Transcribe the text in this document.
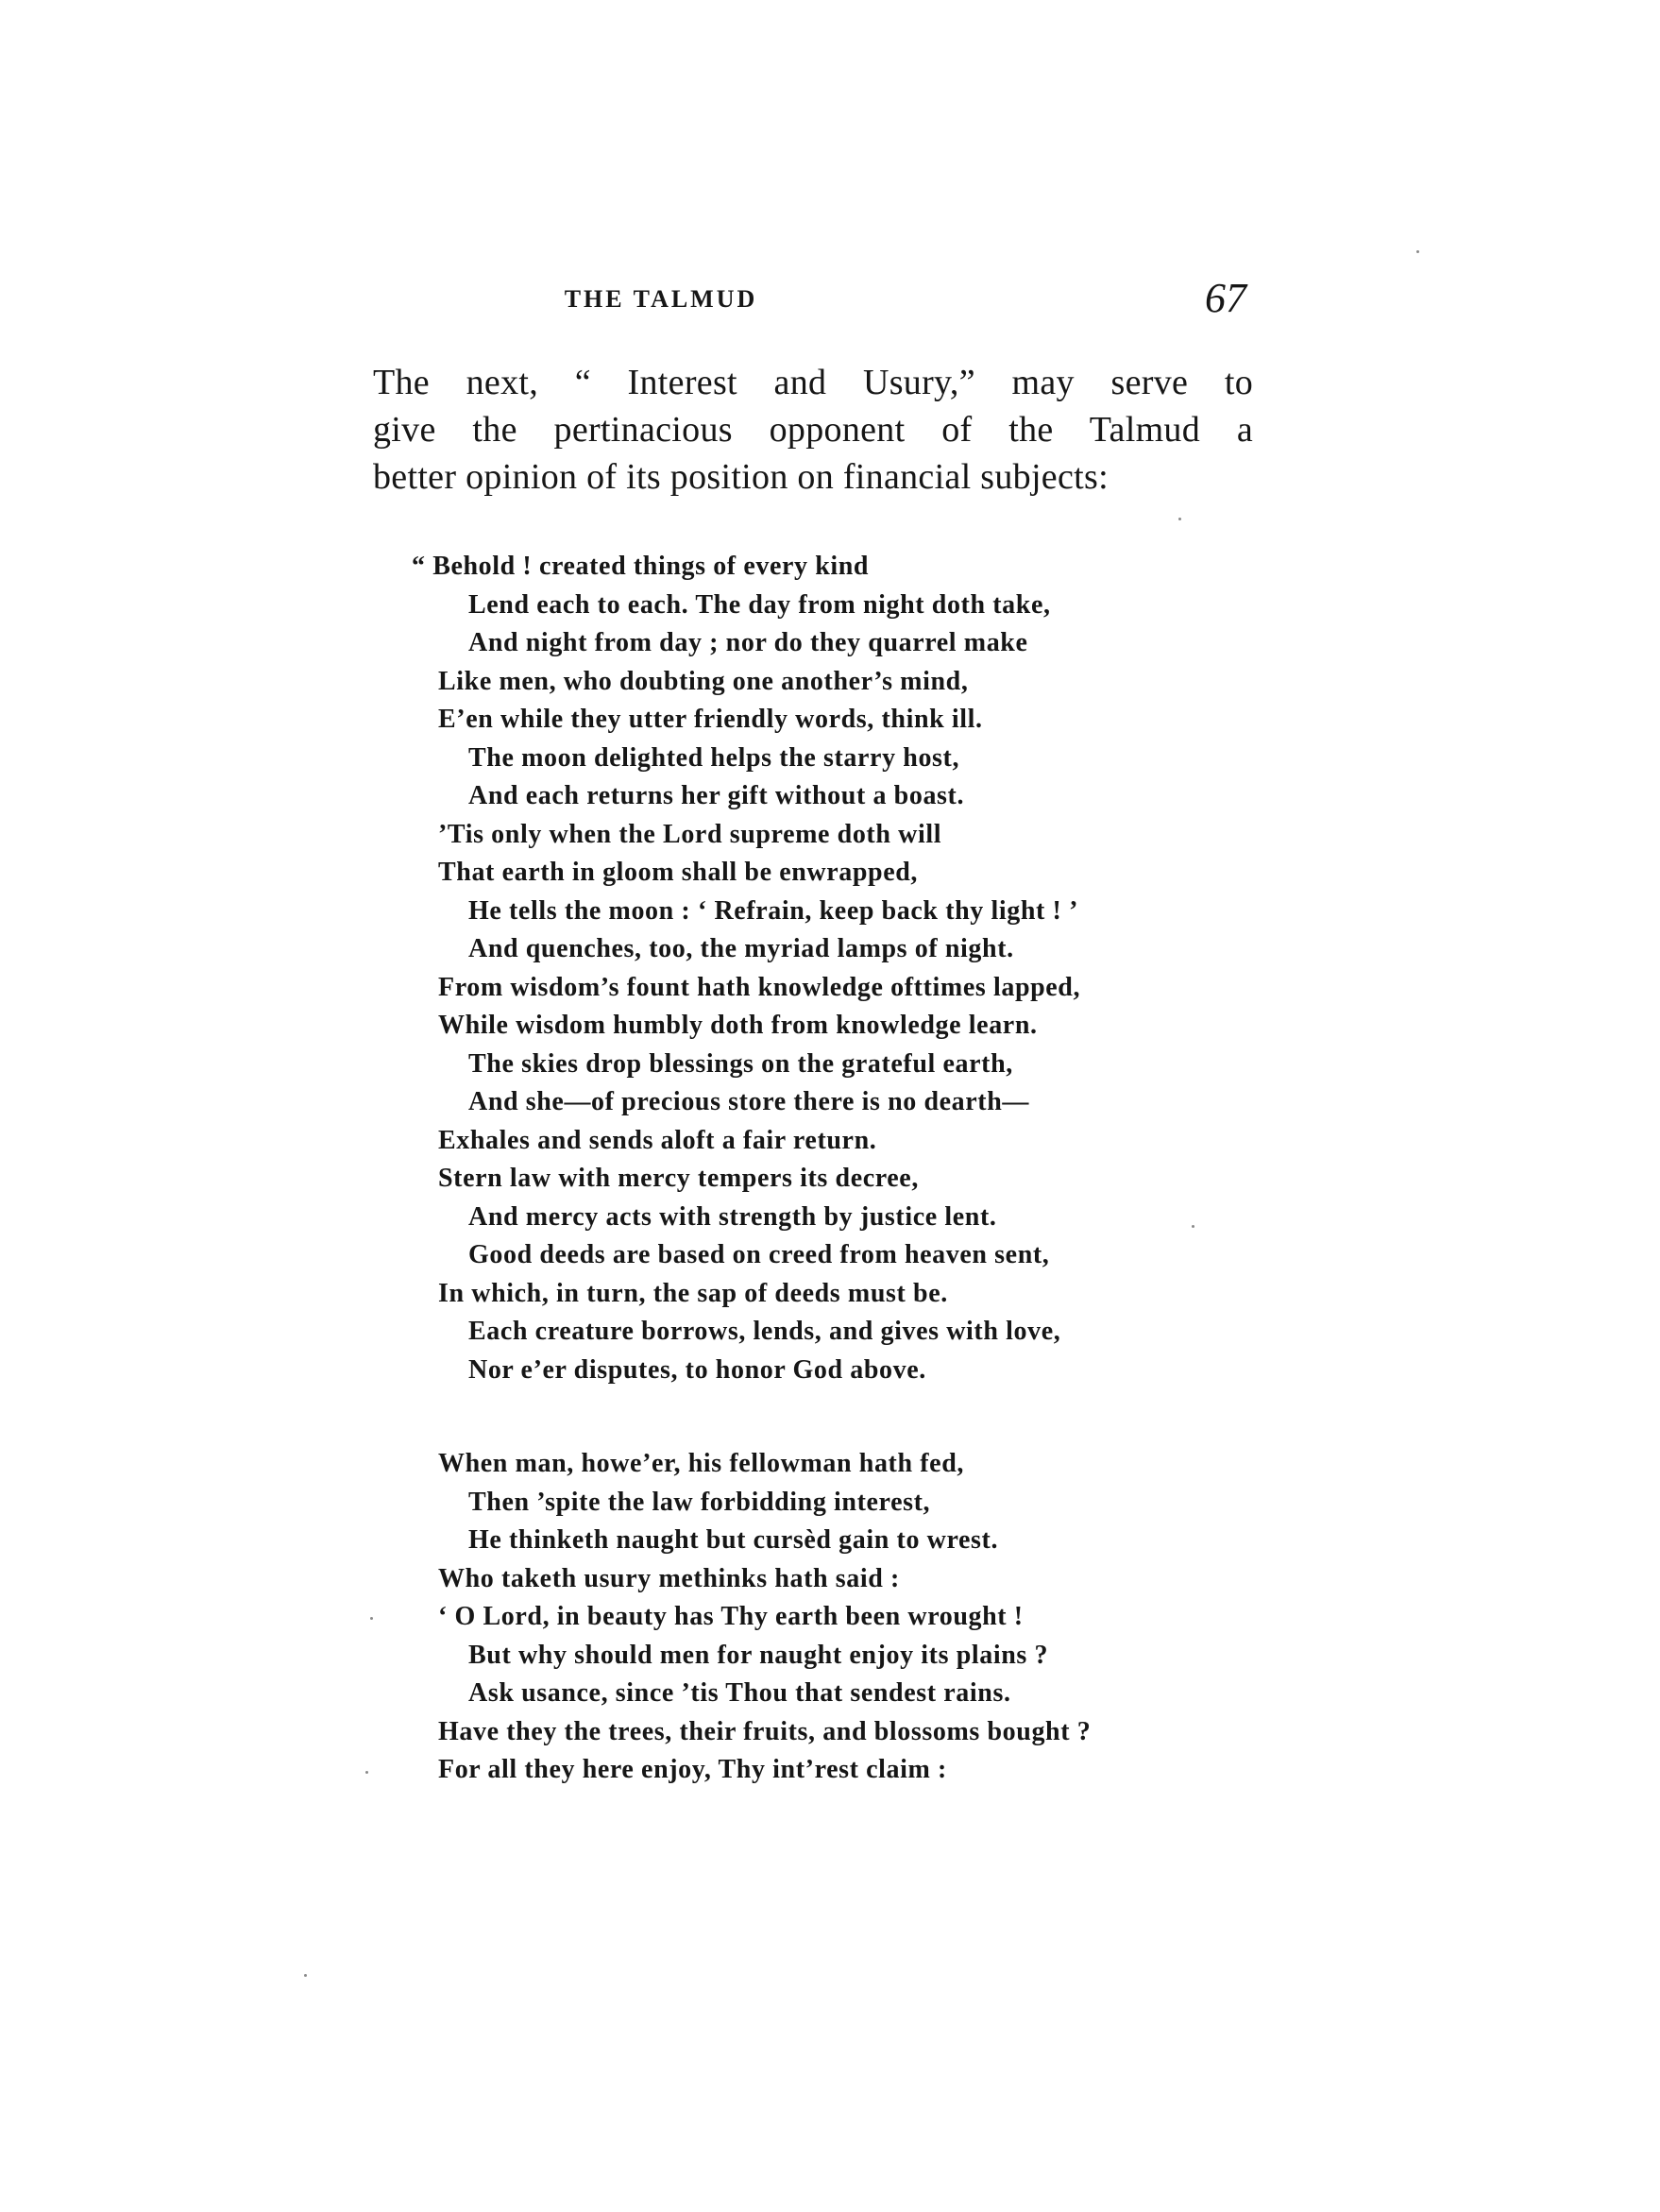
THE TALMUD	67
The next, “ Interest and Usury,” may serve to
give the pertinacious opponent of the Talmud a
better opinion of its position on financial subjects:
“ Behold ! created things of every kind
Lend each to each. The day from night doth take,
And night from day ; nor do they quarrel make
Like men, who doubting one another’s mind,
E’en while they utter friendly words, think ill.
The moon delighted helps the starry host,
And each returns her gift without a boast.
’Tis only when the Lord supreme doth will
That earth in gloom shall be enwrapped,
He tells the moon : ‘ Refrain, keep back thy light ! ’
And quenches, too, the myriad lamps of night.
From wisdom’s fount hath knowledge ofttimes lapped,
While wisdom humbly doth from knowledge learn.
The skies drop blessings on the grateful earth,
And she—of precious store there is no dearth—
Exhales and sends aloft a fair return.
Stern law with mercy tempers its decree,
And mercy acts with strength by justice lent.
Good deeds are based on creed from heaven sent,
In which, in turn, the sap of deeds must be.
Each creature borrows, lends, and gives with love,
Nor e’er disputes, to honor God above.
When man, howe’er, his fellowman hath fed,
Then ’spite the law forbidding interest,
He thinketh naught but cursèd gain to wrest.
Who taketh usury methinks hath said :
‘ O Lord, in beauty has Thy earth been wrought !
But why should men for naught enjoy its plains ?
Ask usance, since ’tis Thou that sendest rains.
Have they the trees, their fruits, and blossoms bought ?
For all they here enjoy, Thy int’rest claim :
